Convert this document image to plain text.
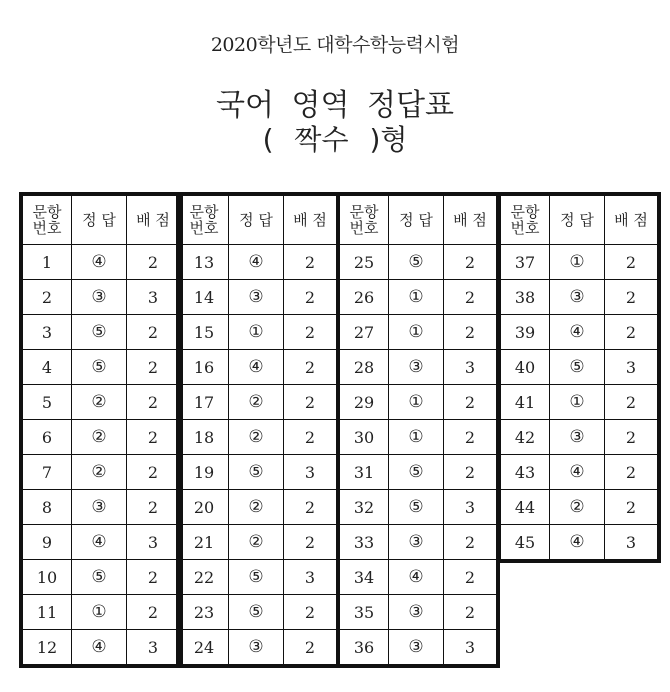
2020학년도 대학수학능력시험
국어 영역 정답표
( 짝수 )형
문항
번호	정 답	배 점
1	④	2
2	③	3
3	⑤	2
4	⑤	2
5	②	2
6	②	2
7	②	2
8	③	2
9	④	3
10	⑤	2
11	①	2
12	④	3
문항
번호	정 답	배 점
13	④	2
14	③	2
15	①	2
16	④	2
17	②	2
18	②	2
19	⑤	3
20	②	2
21	②	2
22	⑤	3
23	⑤	2
24	③	2
문항
번호	정 답	배 점
25	⑤	2
26	①	2
27	①	2
28	③	3
29	①	2
30	①	2
31	⑤	2
32	⑤	3
33	③	2
34	④	2
35	③	2
36	③	3
문항
번호	정 답	배 점
37	①	2
38	③	2
39	④	2
40	⑤	3
41	①	2
42	③	2
43	④	2
44	②	2
45	④	3
